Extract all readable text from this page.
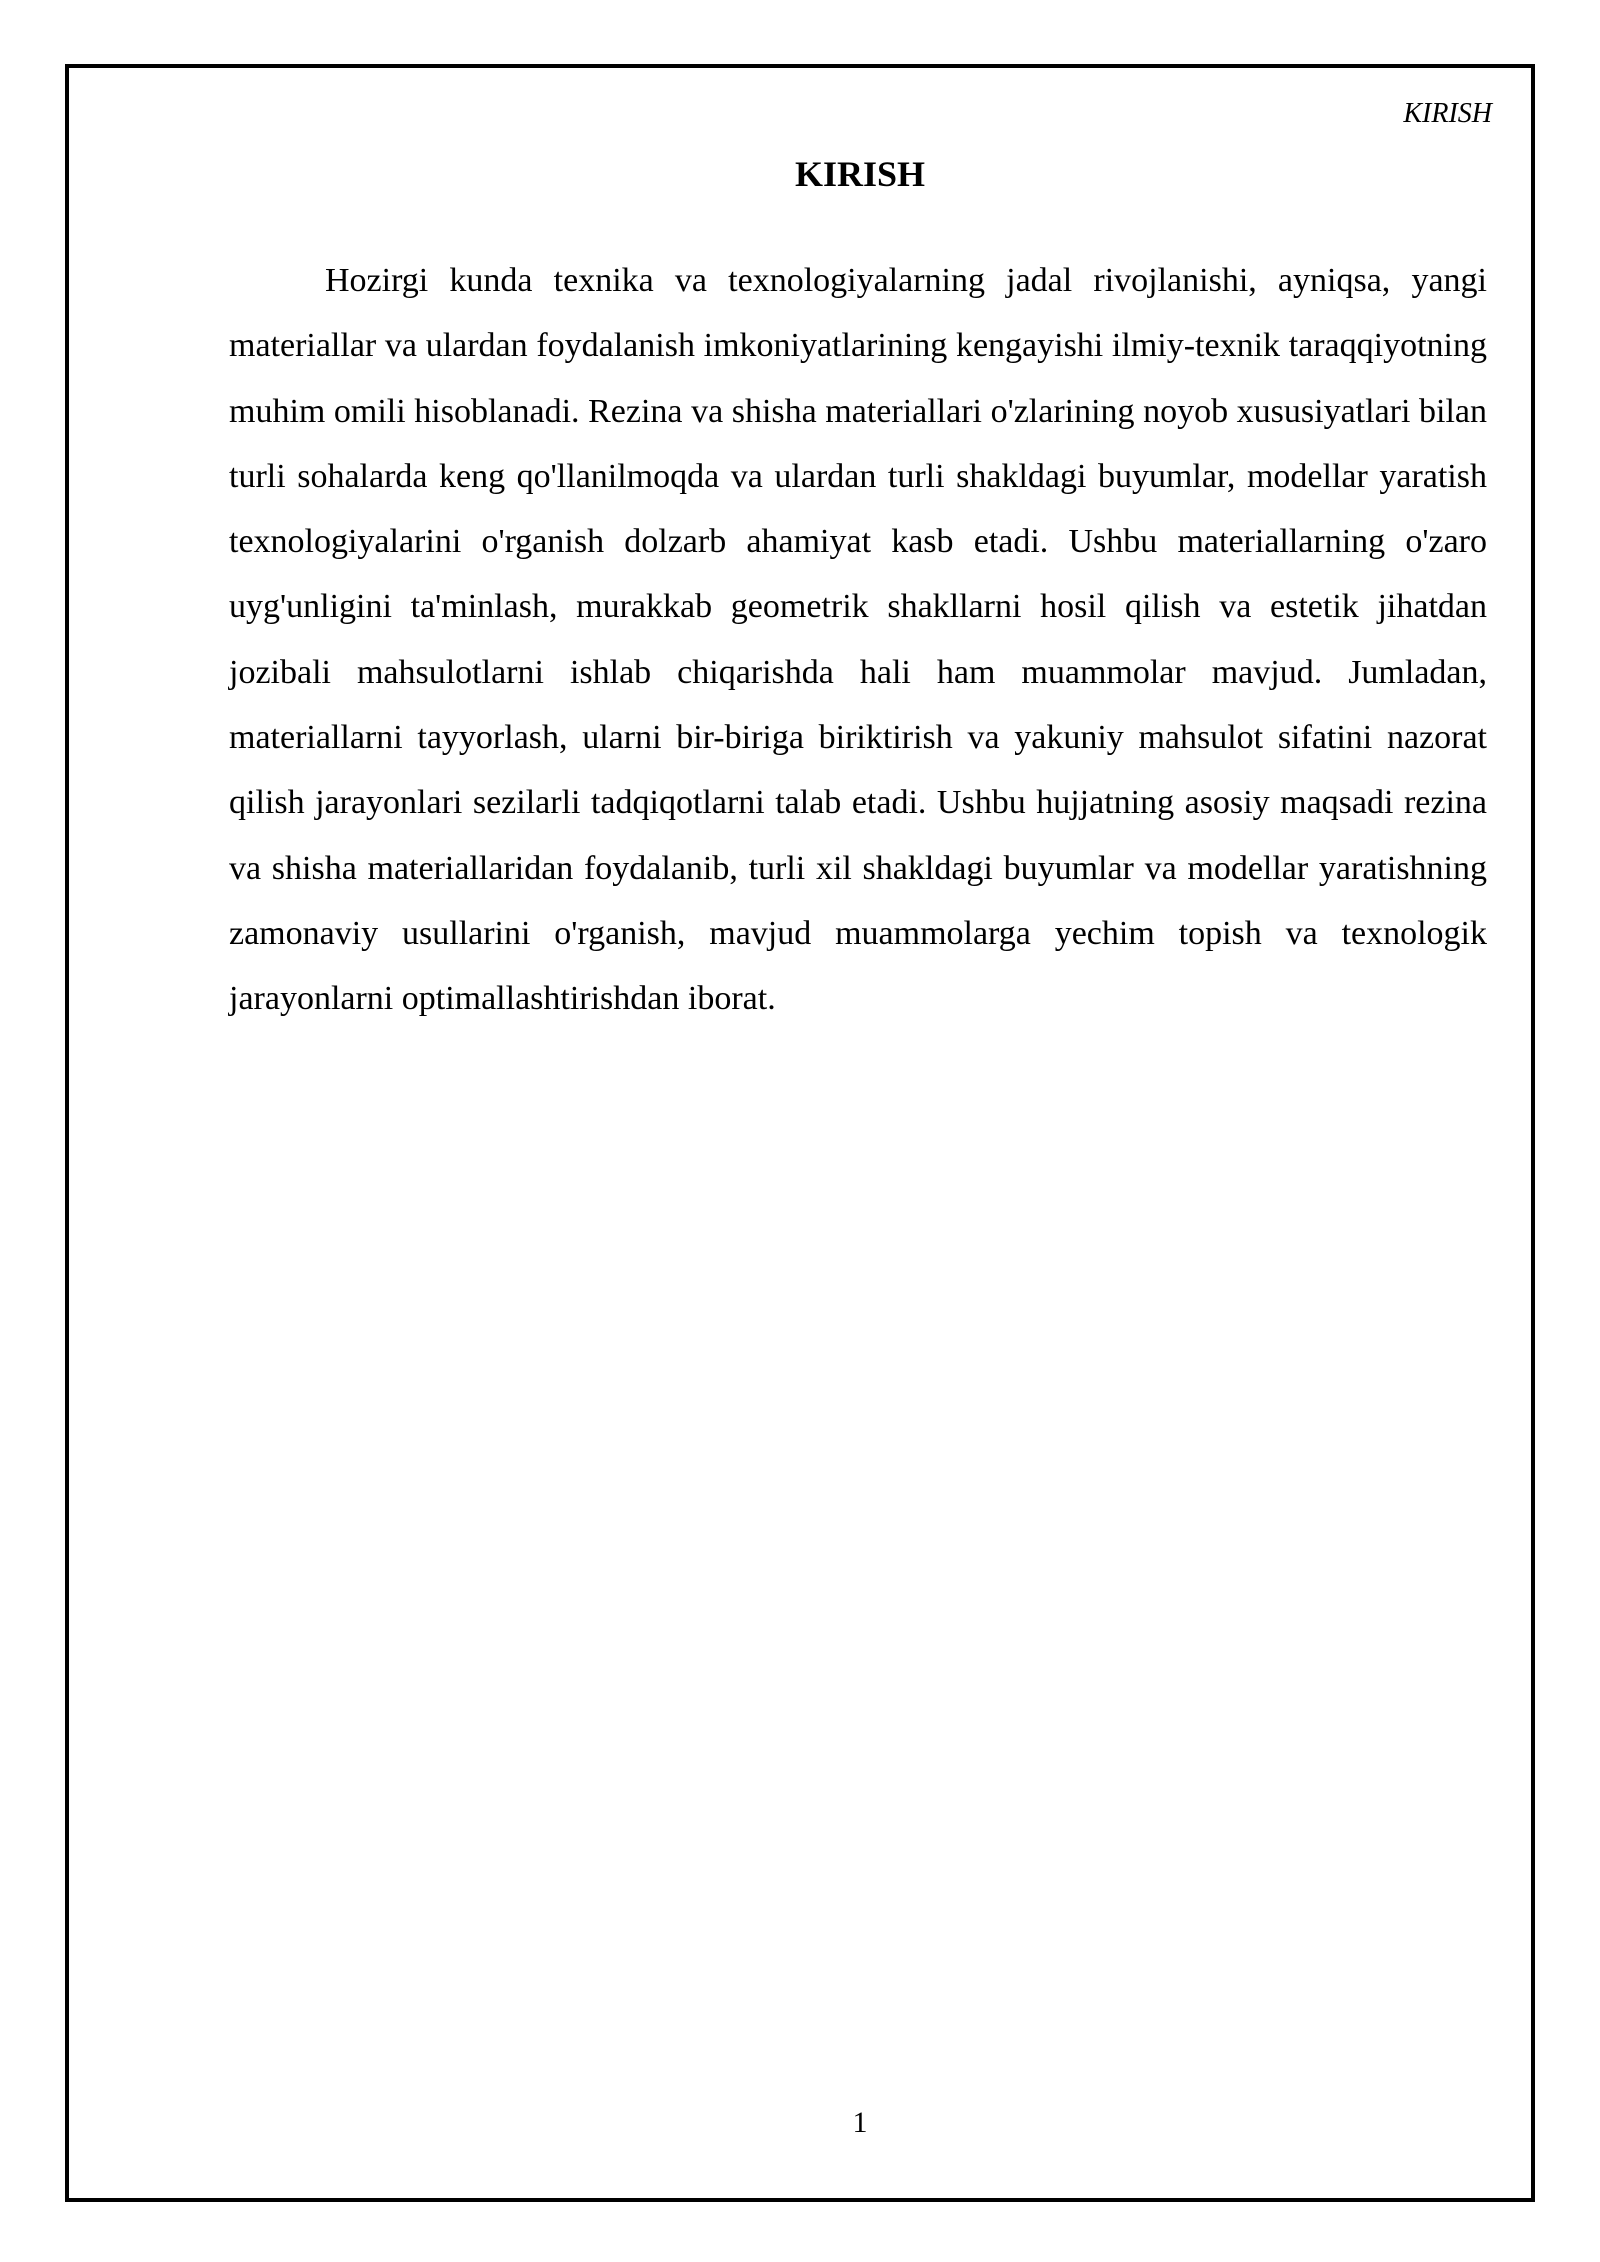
KIRISH
KIRISH

Hozirgi kunda texnika va texnologiyalarning jadal rivojlanishi, ayniqsa, yangi materiallar va ulardan foydalanish imkoniyatlarining kengayishi ilmiy-texnik taraqqiyotning muhim omili hisoblanadi. Rezina va shisha materiallari o'zlarining noyob xususiyatlari bilan turli sohalarda keng qo'llanilmoqda va ulardan turli shakldagi buyumlar, modellar yaratish texnologiyalarini o'rganish dolzarb ahamiyat kasb etadi. Ushbu materiallarning o'zaro uyg'unligini ta'minlash, murakkab geometrik shakllarni hosil qilish va estetik jihatdan jozibali mahsulotlarni ishlab chiqarishda hali ham muammolar mavjud. Jumladan, materiallarni tayyorlash, ularni bir-biriga biriktirish va yakuniy mahsulot sifatini nazorat qilish jarayonlari sezilarli tadqiqotlarni talab etadi. Ushbu hujjatning asosiy maqsadi rezina va shisha materiallaridan foydalanib, turli xil shakldagi buyumlar va modellar yaratishning zamonaviy usullarini o'rganish, mavjud muammolarga yechim topish va texnologik jarayonlarni optimallashtirishdan iborat.

1
